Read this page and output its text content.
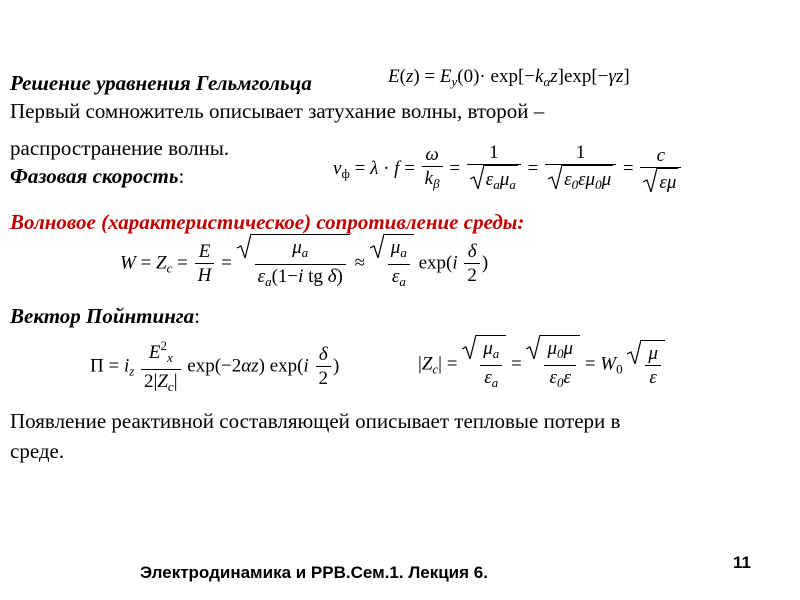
Решение уравнения Гельмгольца	$E(z) = E_y(0)\cdot \exp[-k_\alpha z]\exp[-\gamma z]$
Первый сомножитель описывает затухание волны, второй –
распространение волны.
Фазовая скорость:	$v_ф = \lambda \cdot f = \frac{\omega}{k_\beta} = \frac{1}{\varepsilon_a\mu_a} = \frac{1}{\varepsilon_0\varepsilon\mu_0\mu} = \frac{c}{\varepsilon\mu}$
Волновое (характеристическое) сопротивление среды:
$W = Z_c = \frac{E}{H} = \frac{\mu_a}{\varepsilon_a(1-i tg \delta)} \approx \frac{\mu_a}{\varepsilon_a} \exp(i \frac{\delta}{2}$ )
Вектор Пойнтинга:
$\Pi = i_z \frac{E^2_x}{2|Z_c|} \exp(-2\alpha z)$ $\exp(i \frac{\delta}{2}$ )	$|Z_c| = \frac{\mu_a}{\varepsilon_a} = \frac{\mu_0\mu}{\varepsilon_0\varepsilon} = W_0 \frac{\mu}{\varepsilon}$
Появление реактивной составляющей описывает тепловые потери в
среде.
Электродинамика и РРВ.Сем.1. Лекция 6.
11
